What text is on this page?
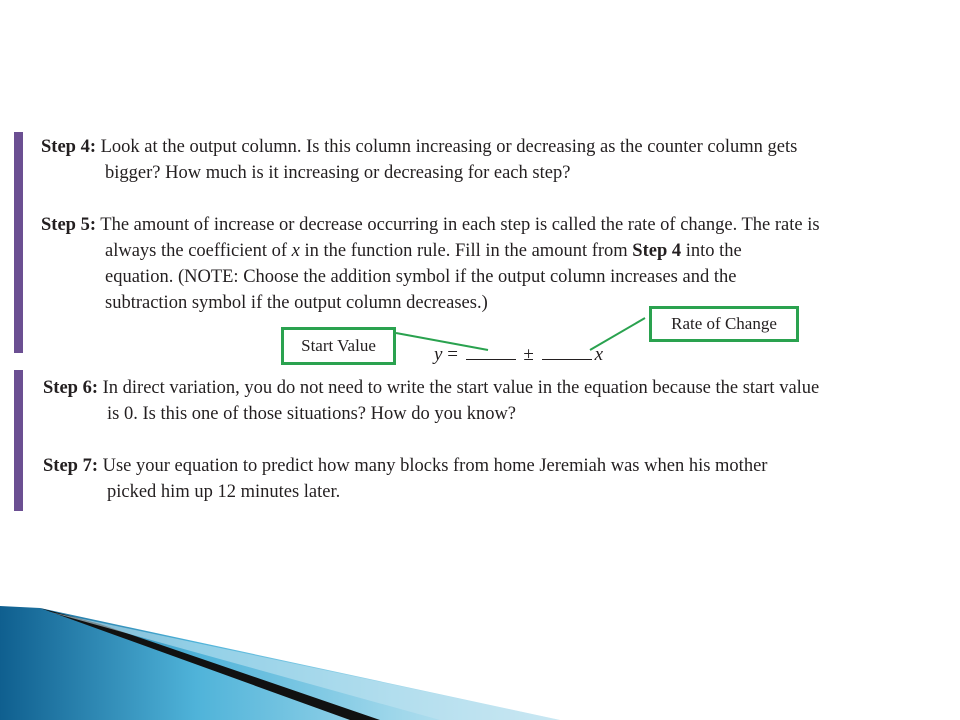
Step 4: Look at the output column. Is this column increasing or decreasing as the counter column gets
bigger? How much is it increasing or decreasing for each step?
Step 5: The amount of increase or decrease occurring in each step is called the rate of change. The rate is
always the coefficient of x in the function rule. Fill in the amount from Step 4 into the
equation. (NOTE: Choose the addition symbol if the output column increases and the
subtraction symbol if the output column decreases.)
Start Value
Rate of Change
y =	±	x
Step 6: In direct variation, you do not need to write the start value in the equation because the start value
is 0. Is this one of those situations? How do you know?
Step 7: Use your equation to predict how many blocks from home Jeremiah was when his mother
picked him up 12 minutes later.
